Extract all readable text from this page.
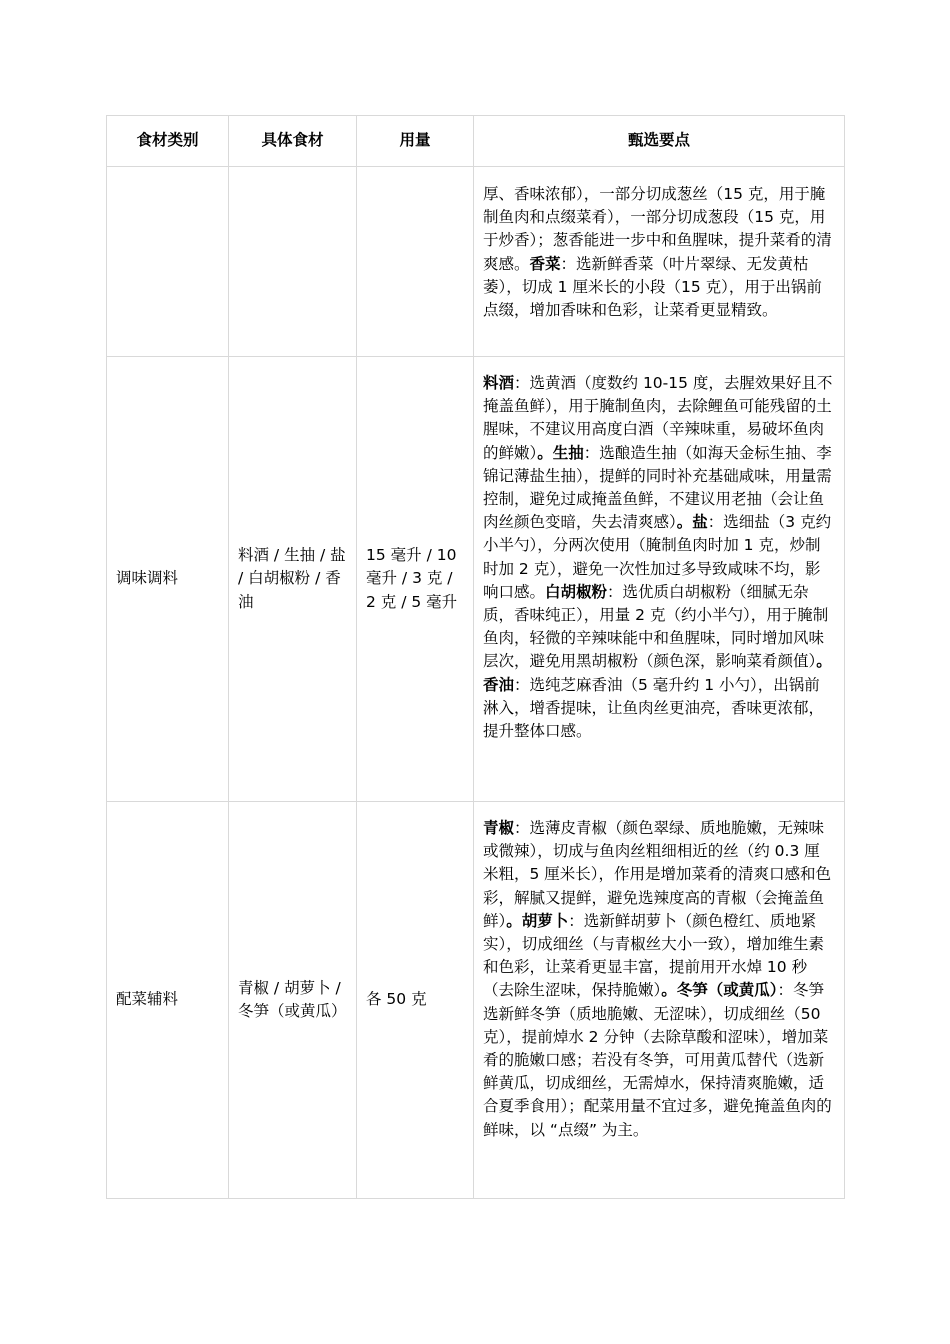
食材类别	具体食材	用量	甄选要点
			厚、香味浓郁），一部分切成葱丝（15 克，用于腌制鱼肉和点缀菜肴），一部分切成葱段（15 克，用于炒香）；葱香能进一步中和鱼腥味，提升菜肴的清爽感。香菜：选新鲜香菜（叶片翠绿、无发黄枯萎），切成 1 厘米长的小段（15 克），用于出锅前点缀，增加香味和色彩，让菜肴更显精致。
调味调料	料酒 / 生抽 / 盐 / 白胡椒粉 / 香油	15 毫升 / 10 毫升 / 3 克 / 2 克 / 5 毫升	料酒：选黄酒（度数约 10-15 度，去腥效果好且不掩盖鱼鲜），用于腌制鱼肉，去除鲤鱼可能残留的土腥味，不建议用高度白酒（辛辣味重，易破坏鱼肉的鲜嫩）。生抽：选酿造生抽（如海天金标生抽、李锦记薄盐生抽），提鲜的同时补充基础咸味，用量需控制，避免过咸掩盖鱼鲜，不建议用老抽（会让鱼肉丝颜色变暗，失去清爽感）。盐：选细盐（3 克约小半勺），分两次使用（腌制鱼肉时加 1 克，炒制时加 2 克），避免一次性加过多导致咸味不均，影响口感。白胡椒粉：选优质白胡椒粉（细腻无杂质，香味纯正），用量 2 克（约小半勺），用于腌制鱼肉，轻微的辛辣味能中和鱼腥味，同时增加风味层次，避免用黑胡椒粉（颜色深，影响菜肴颜值）。香油：选纯芝麻香油（5 毫升约 1 小勺），出锅前淋入，增香提味，让鱼肉丝更油亮，香味更浓郁，提升整体口感。
配菜辅料	青椒 / 胡萝卜 / 冬笋（或黄瓜）	各 50 克	青椒：选薄皮青椒（颜色翠绿、质地脆嫩，无辣味或微辣），切成与鱼肉丝粗细相近的丝（约 0.3 厘米粗，5 厘米长），作用是增加菜肴的清爽口感和色彩，解腻又提鲜，避免选辣度高的青椒（会掩盖鱼鲜）。胡萝卜：选新鲜胡萝卜（颜色橙红、质地紧实），切成细丝（与青椒丝大小一致），增加维生素和色彩，让菜肴更显丰富，提前用开水焯 10 秒（去除生涩味，保持脆嫩）。冬笋（或黄瓜）：冬笋选新鲜冬笋（质地脆嫩、无涩味），切成细丝（50 克），提前焯水 2 分钟（去除草酸和涩味），增加菜肴的脆嫩口感；若没有冬笋，可用黄瓜替代（选新鲜黄瓜，切成细丝，无需焯水，保持清爽脆嫩，适合夏季食用）；配菜用量不宜过多，避免掩盖鱼肉的鲜味，以 “点缀” 为主。
